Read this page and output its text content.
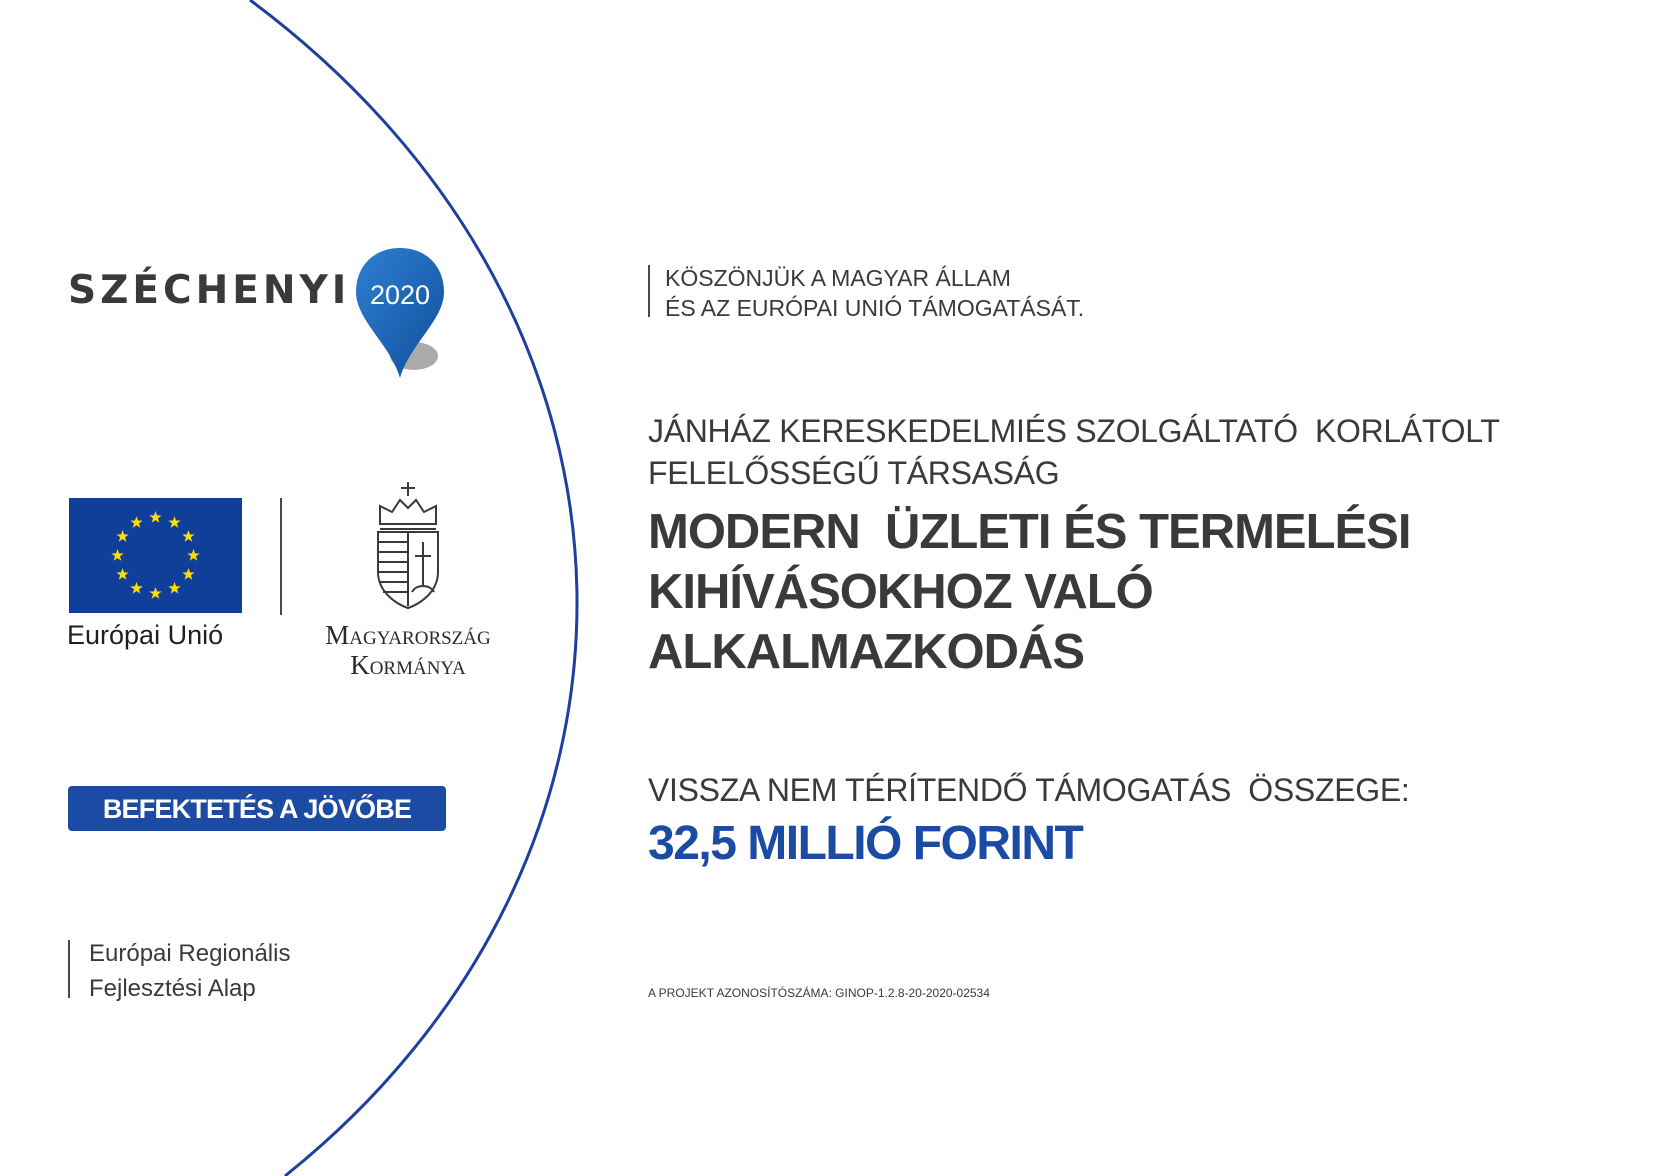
SZÉCHENYI 2020
Európai Unió	Magyarország
Kormánya
BEFEKTETÉS A JÖVŐBE
Európai Regionális
Fejlesztési Alap
KÖSZÖNJÜK A MAGYAR ÁLLAM
ÉS AZ EURÓPAI UNIÓ TÁMOGATÁSÁT.
JÁNHÁZ KERESKEDELMIÉS SZOLGÁLTATÓ  KORLÁTOLT
FELELŐSSÉGŰ TÁRSASÁG
MODERN  ÜZLETI ÉS TERMELÉSI
KIHÍVÁSOKHOZ VALÓ
ALKALMAZKODÁS
VISSZA NEM TÉRÍTENDŐ TÁMOGATÁS  ÖSSZEGE:
32,5 MILLIÓ FORINT
A PROJEKT AZONOSÍTÓSZÁMA: GINOP-1.2.8-20-2020-02534
